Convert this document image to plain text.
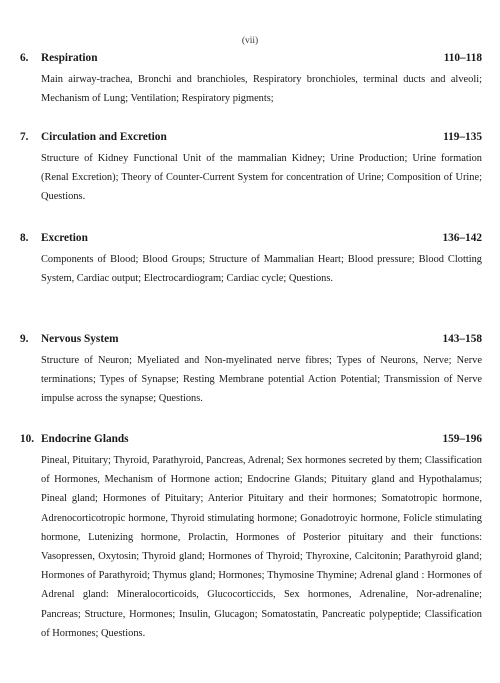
(vii)
6.	Respiration	110–118
Main airway-trachea, Bronchi and branchioles, Respiratory bronchioles, terminal ducts and alveoli; Mechanism of Lung; Ventilation; Respiratory pigments;
7.	Circulation and Excretion	119–135
Structure of Kidney Functional Unit of the mammalian Kidney; Urine Production; Urine formation (Renal Excretion); Theory of Counter-Current System for concentration of Urine; Composition of Urine; Questions.
8.	Excretion	136–142
Components of Blood; Blood Groups; Structure of Mammalian Heart; Blood pressure; Blood Clotting System, Cardiac output; Electrocardiogram; Cardiac cycle; Questions.
9.	Nervous System	143–158
Structure of Neuron; Myeliated and Non-myelinated nerve fibres; Types of Neurons, Nerve; Nerve terminations; Types of Synapse; Resting Membrane potential Action Potential; Transmission of Nerve impulse across the synapse; Questions.
10. Endocrine Glands	159–196
Pineal, Pituitary; Thyroid, Parathyroid, Pancreas, Adrenal; Sex hormones secreted by them; Classification of Hormones, Mechanism of Hormone action; Endocrine Glands; Pituitary gland and Hypothalamus; Pineal gland; Hormones of Pituitary; Anterior Pituitary and their hormones; Somatotropic hormone, Adrenocorticotropic hormone, Thyroid stimulating hormone; Gonadotroyic hormone, Folicle stimulating hormone, Lutenizing hormone, Prolactin, Hormones of Posterior pituitary and their functions: Vasopressen, Oxytosin; Thyroid gland; Hormones of Thyroid; Thyroxine, Calcitonin; Parathyroid gland; Hormones of Parathyroid; Thymus gland; Hormones; Thymosine Thymine; Adrenal gland : Hormones of Adrenal gland: Mineralocorticoids, Glucocorticcids, Sex hormones, Adrenaline, Nor-adrenaline; Pancreas; Structure, Hormones; Insulin, Glucagon; Somatostatin, Pancreatic polypeptide; Classification of Hormones; Questions.
